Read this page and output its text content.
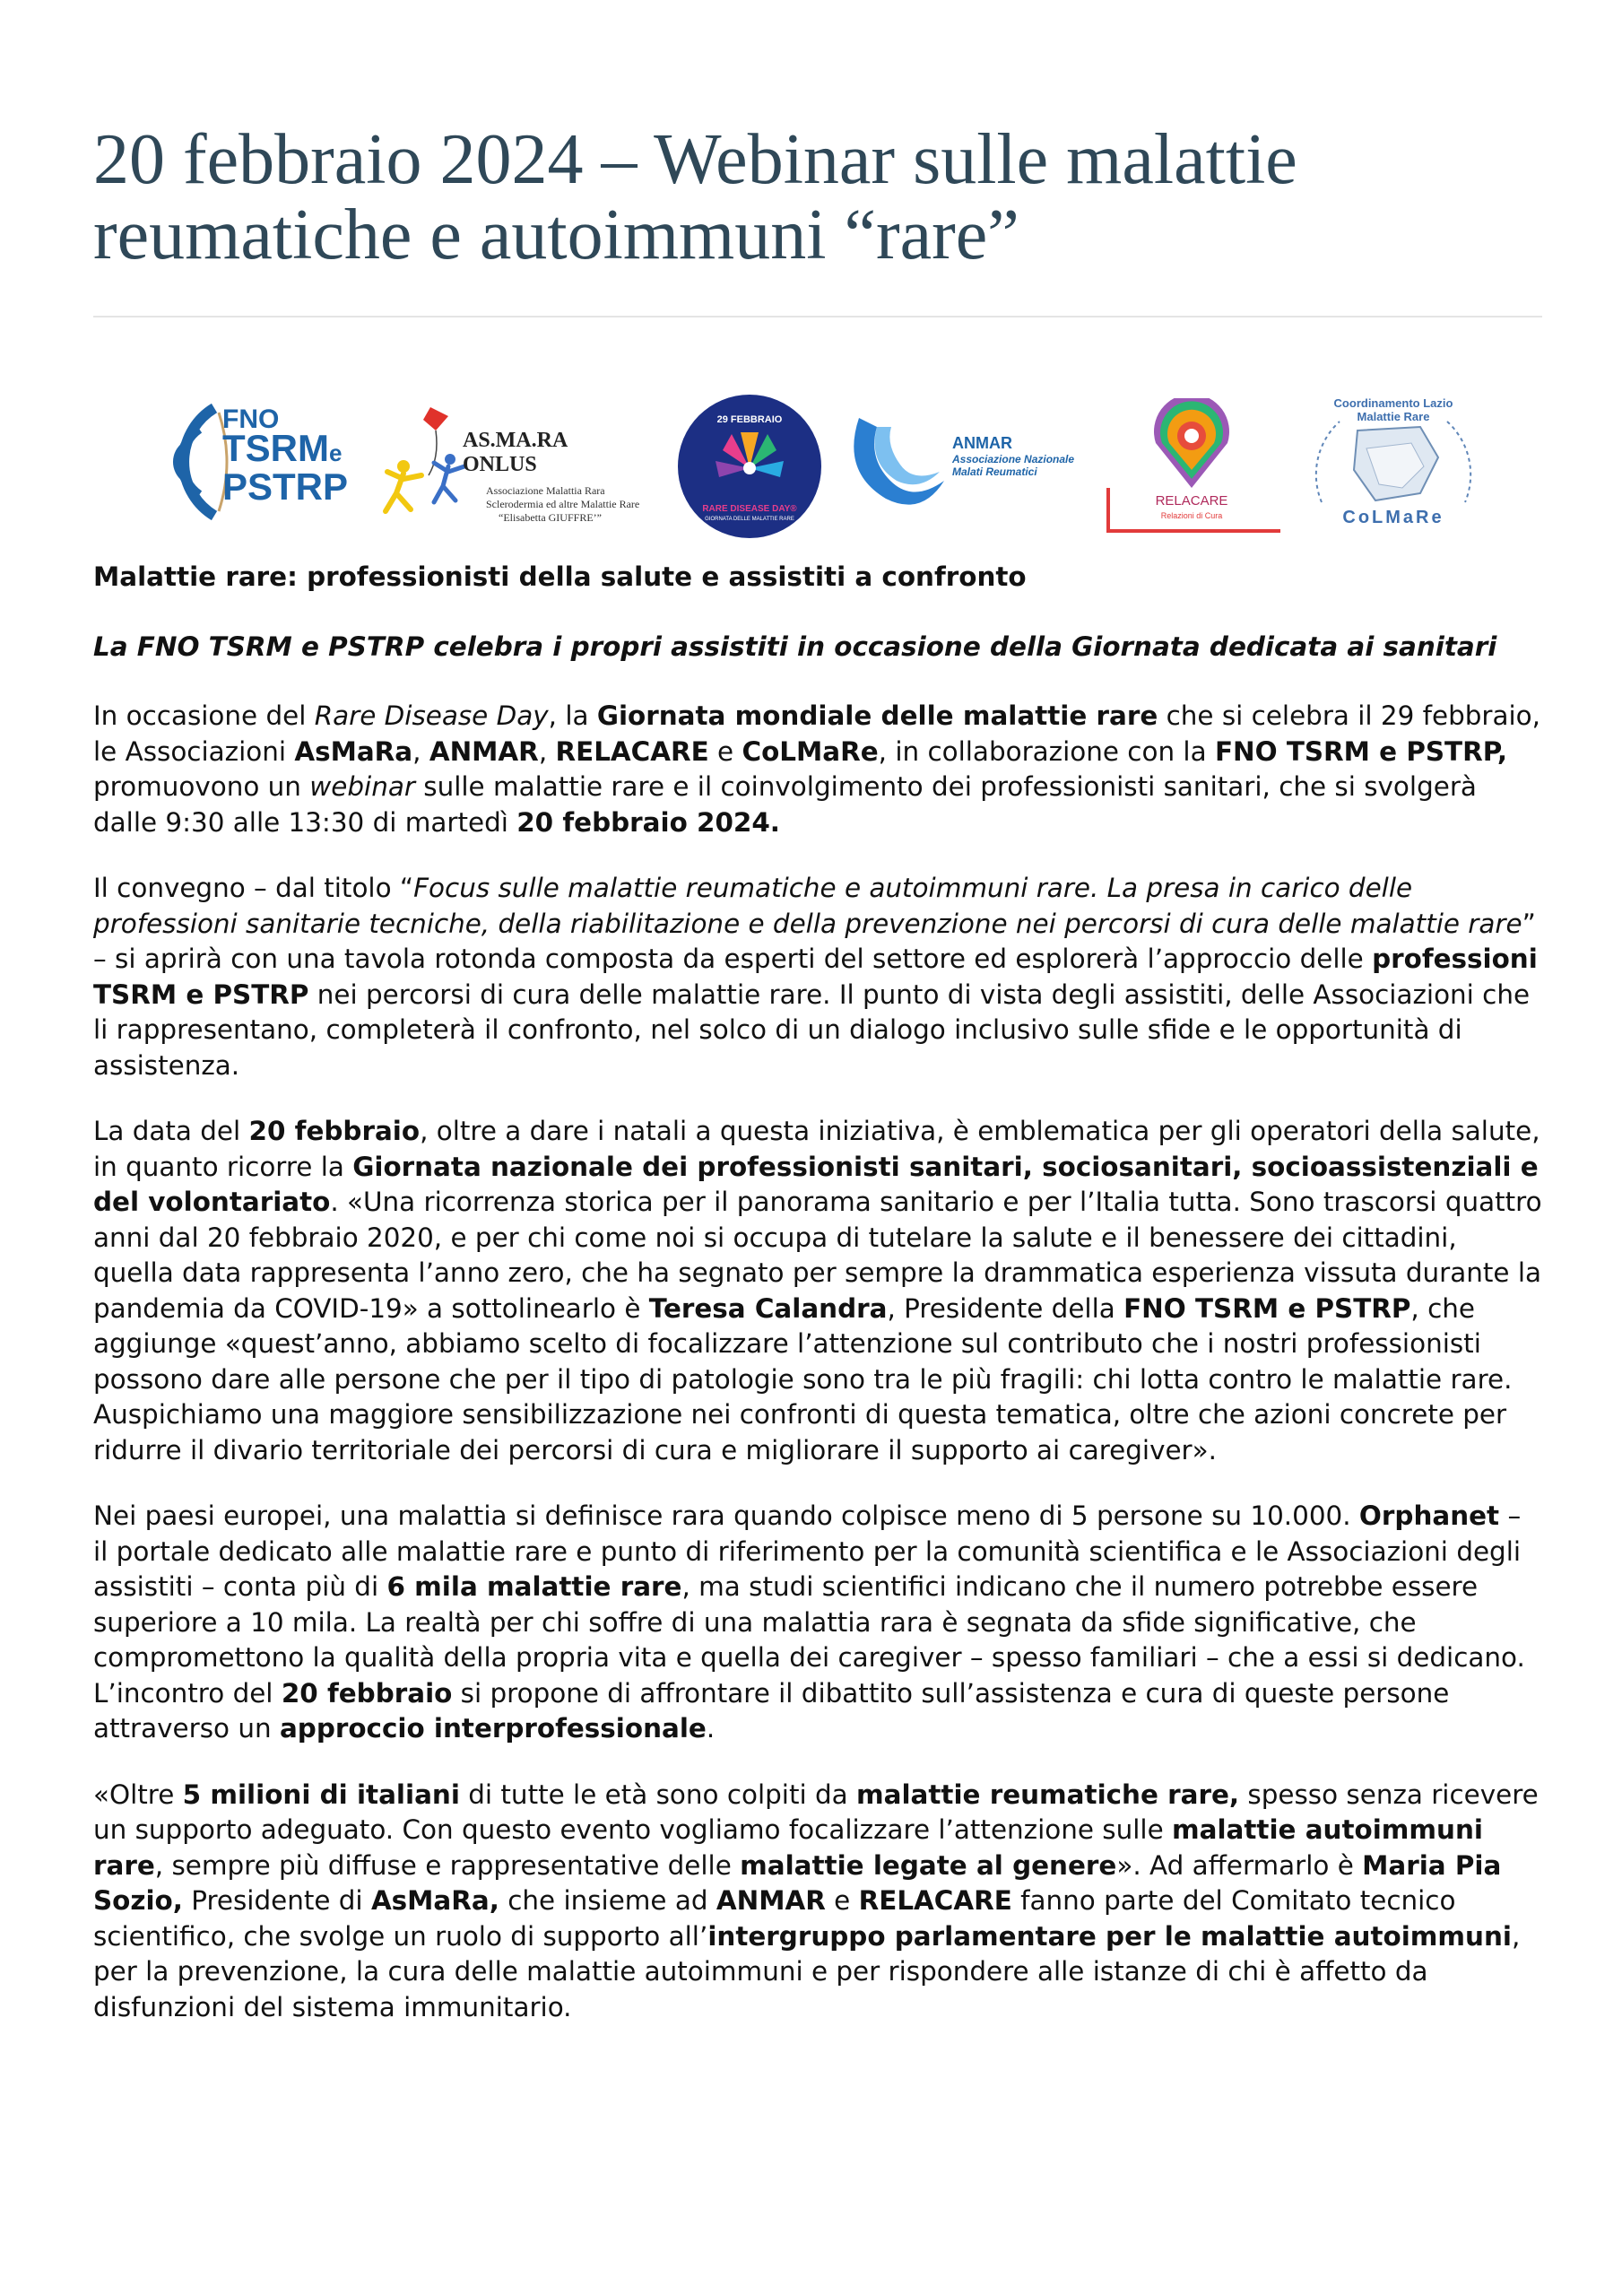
20 febbraio 2024 – Webinar sulle malattie reumatiche e autoimmuni “rare”
FNO
TSRMe
PSTRP
AS.MA.RA ONLUS
Associazione Malattia Rara
Sclerodermia ed altre Malattie Rare
“Elisabetta GIUFFRE’”
29 FEBBRAIO
RARE DISEASE DAY®
GIORNATA DELLE MALATTIE RARE
ANMAR
Associazione Nazionale
Malati Reumatici
RELACARE
Relazioni di Cura
Coordinamento Lazio Malattie Rare
CoLMaRe

Malattie rare: professionisti della salute e assistiti a confronto

La FNO TSRM e PSTRP celebra i propri assistiti in occasione della Giornata dedicata ai sanitari

In occasione del Rare Disease Day, la Giornata mondiale delle malattie rare che si celebra il 29 febbraio, le Associazioni AsMaRa, ANMAR, RELACARE e CoLMaRe, in collaborazione con la FNO TSRM e PSTRP, promuovono un webinar sulle malattie rare e il coinvolgimento dei professionisti sanitari, che si svolgerà dalle 9:30 alle 13:30 di martedì 20 febbraio 2024.

Il convegno – dal titolo “Focus sulle malattie reumatiche e autoimmuni rare. La presa in carico delle professioni sanitarie tecniche, della riabilitazione e della prevenzione nei percorsi di cura delle malattie rare” – si aprirà con una tavola rotonda composta da esperti del settore ed esplorerà l’approccio delle professioni TSRM e PSTRP nei percorsi di cura delle malattie rare. Il punto di vista degli assistiti, delle Associazioni che li rappresentano, completerà il confronto, nel solco di un dialogo inclusivo sulle sfide e le opportunità di assistenza.

La data del 20 febbraio, oltre a dare i natali a questa iniziativa, è emblematica per gli operatori della salute, in quanto ricorre la Giornata nazionale dei professionisti sanitari, sociosanitari, socioassistenziali e del volontariato. «Una ricorrenza storica per il panorama sanitario e per l’Italia tutta. Sono trascorsi quattro anni dal 20 febbraio 2020, e per chi come noi si occupa di tutelare la salute e il benessere dei cittadini, quella data rappresenta l’anno zero, che ha segnato per sempre la drammatica esperienza vissuta durante la pandemia da COVID-19» a sottolinearlo è Teresa Calandra, Presidente della FNO TSRM e PSTRP, che aggiunge «quest’anno, abbiamo scelto di focalizzare l’attenzione sul contributo che i nostri professionisti possono dare alle persone che per il tipo di patologie sono tra le più fragili: chi lotta contro le malattie rare. Auspichiamo una maggiore sensibilizzazione nei confronti di questa tematica, oltre che azioni concrete per ridurre il divario territoriale dei percorsi di cura e migliorare il supporto ai caregiver».

Nei paesi europei, una malattia si definisce rara quando colpisce meno di 5 persone su 10.000. Orphanet – il portale dedicato alle malattie rare e punto di riferimento per la comunità scientifica e le Associazioni degli assistiti – conta più di 6 mila malattie rare, ma studi scientifici indicano che il numero potrebbe essere superiore a 10 mila. La realtà per chi soffre di una malattia rara è segnata da sfide significative, che compromettono la qualità della propria vita e quella dei caregiver – spesso familiari – che a essi si dedicano. L’incontro del 20 febbraio si propone di affrontare il dibattito sull’assistenza e cura di queste persone attraverso un approccio interprofessionale.

«Oltre 5 milioni di italiani di tutte le età sono colpiti da malattie reumatiche rare, spesso senza ricevere un supporto adeguato. Con questo evento vogliamo focalizzare l’attenzione sulle malattie autoimmuni rare, sempre più diffuse e rappresentative delle malattie legate al genere». Ad affermarlo è Maria Pia Sozio, Presidente di AsMaRa, che insieme ad ANMAR e RELACARE fanno parte del Comitato tecnico scientifico, che svolge un ruolo di supporto all’intergruppo parlamentare per le malattie autoimmuni, per la prevenzione, la cura delle malattie autoimmuni e per rispondere alle istanze di chi è affetto da disfunzioni del sistema immunitario.
